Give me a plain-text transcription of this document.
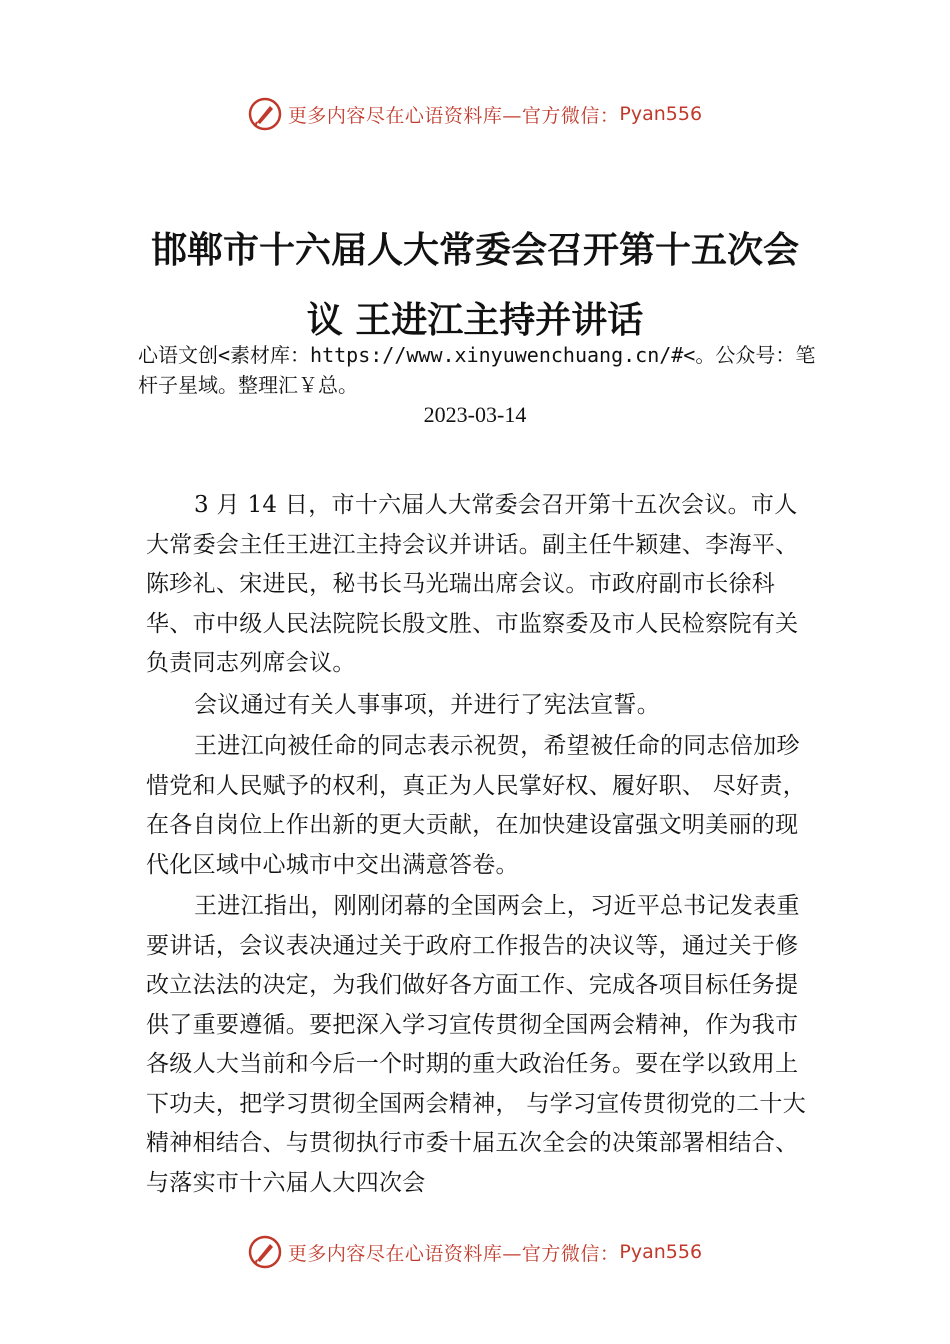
更多内容尽在心语资料库—官方微信： Pyan556
邯郸市十六届人大常委会召开第十五次会
议 王进江主持并讲话
心语文创<素材库：https://www.xinyuwenchuang.cn/#<。公众号：笔杆子星域。整理汇￥总。
2023-03-14

3 月 14 日，市十六届人大常委会召开第十五次会议。市人大常委会主任王进江主持会议并讲话。副主任牛颖建、李海平、陈珍礼、宋进民，秘书长马光瑞出席会议。市政府副市长徐科华、市中级人民法院院长殷文胜、市监察委及市人民检察院有关负责同志列席会议。

会议通过有关人事事项，并进行了宪法宣誓。

王进江向被任命的同志表示祝贺，希望被任命的同志倍加珍惜党和人民赋予的权利，真正为人民掌好权、履好职、 尽好责，在各自岗位上作出新的更大贡献，在加快建设富强文明美丽的现代化区域中心城市中交出满意答卷。

王进江指出，刚刚闭幕的全国两会上，习近平总书记发表重要讲话，会议表决通过关于政府工作报告的决议等，通过关于修改立法法的决定，为我们做好各方面工作、完成各项目标任务提供了重要遵循。要把深入学习宣传贯彻全国两会精神，作为我市各级人大当前和今后一个时期的重大政治任务。要在学以致用上下功夫，把学习贯彻全国两会精神， 与学习宣传贯彻党的二十大精神相结合、与贯彻执行市委十届五次全会的决策部署相结合、与落实市十六届人大四次会

更多内容尽在心语资料库—官方微信： Pyan556
